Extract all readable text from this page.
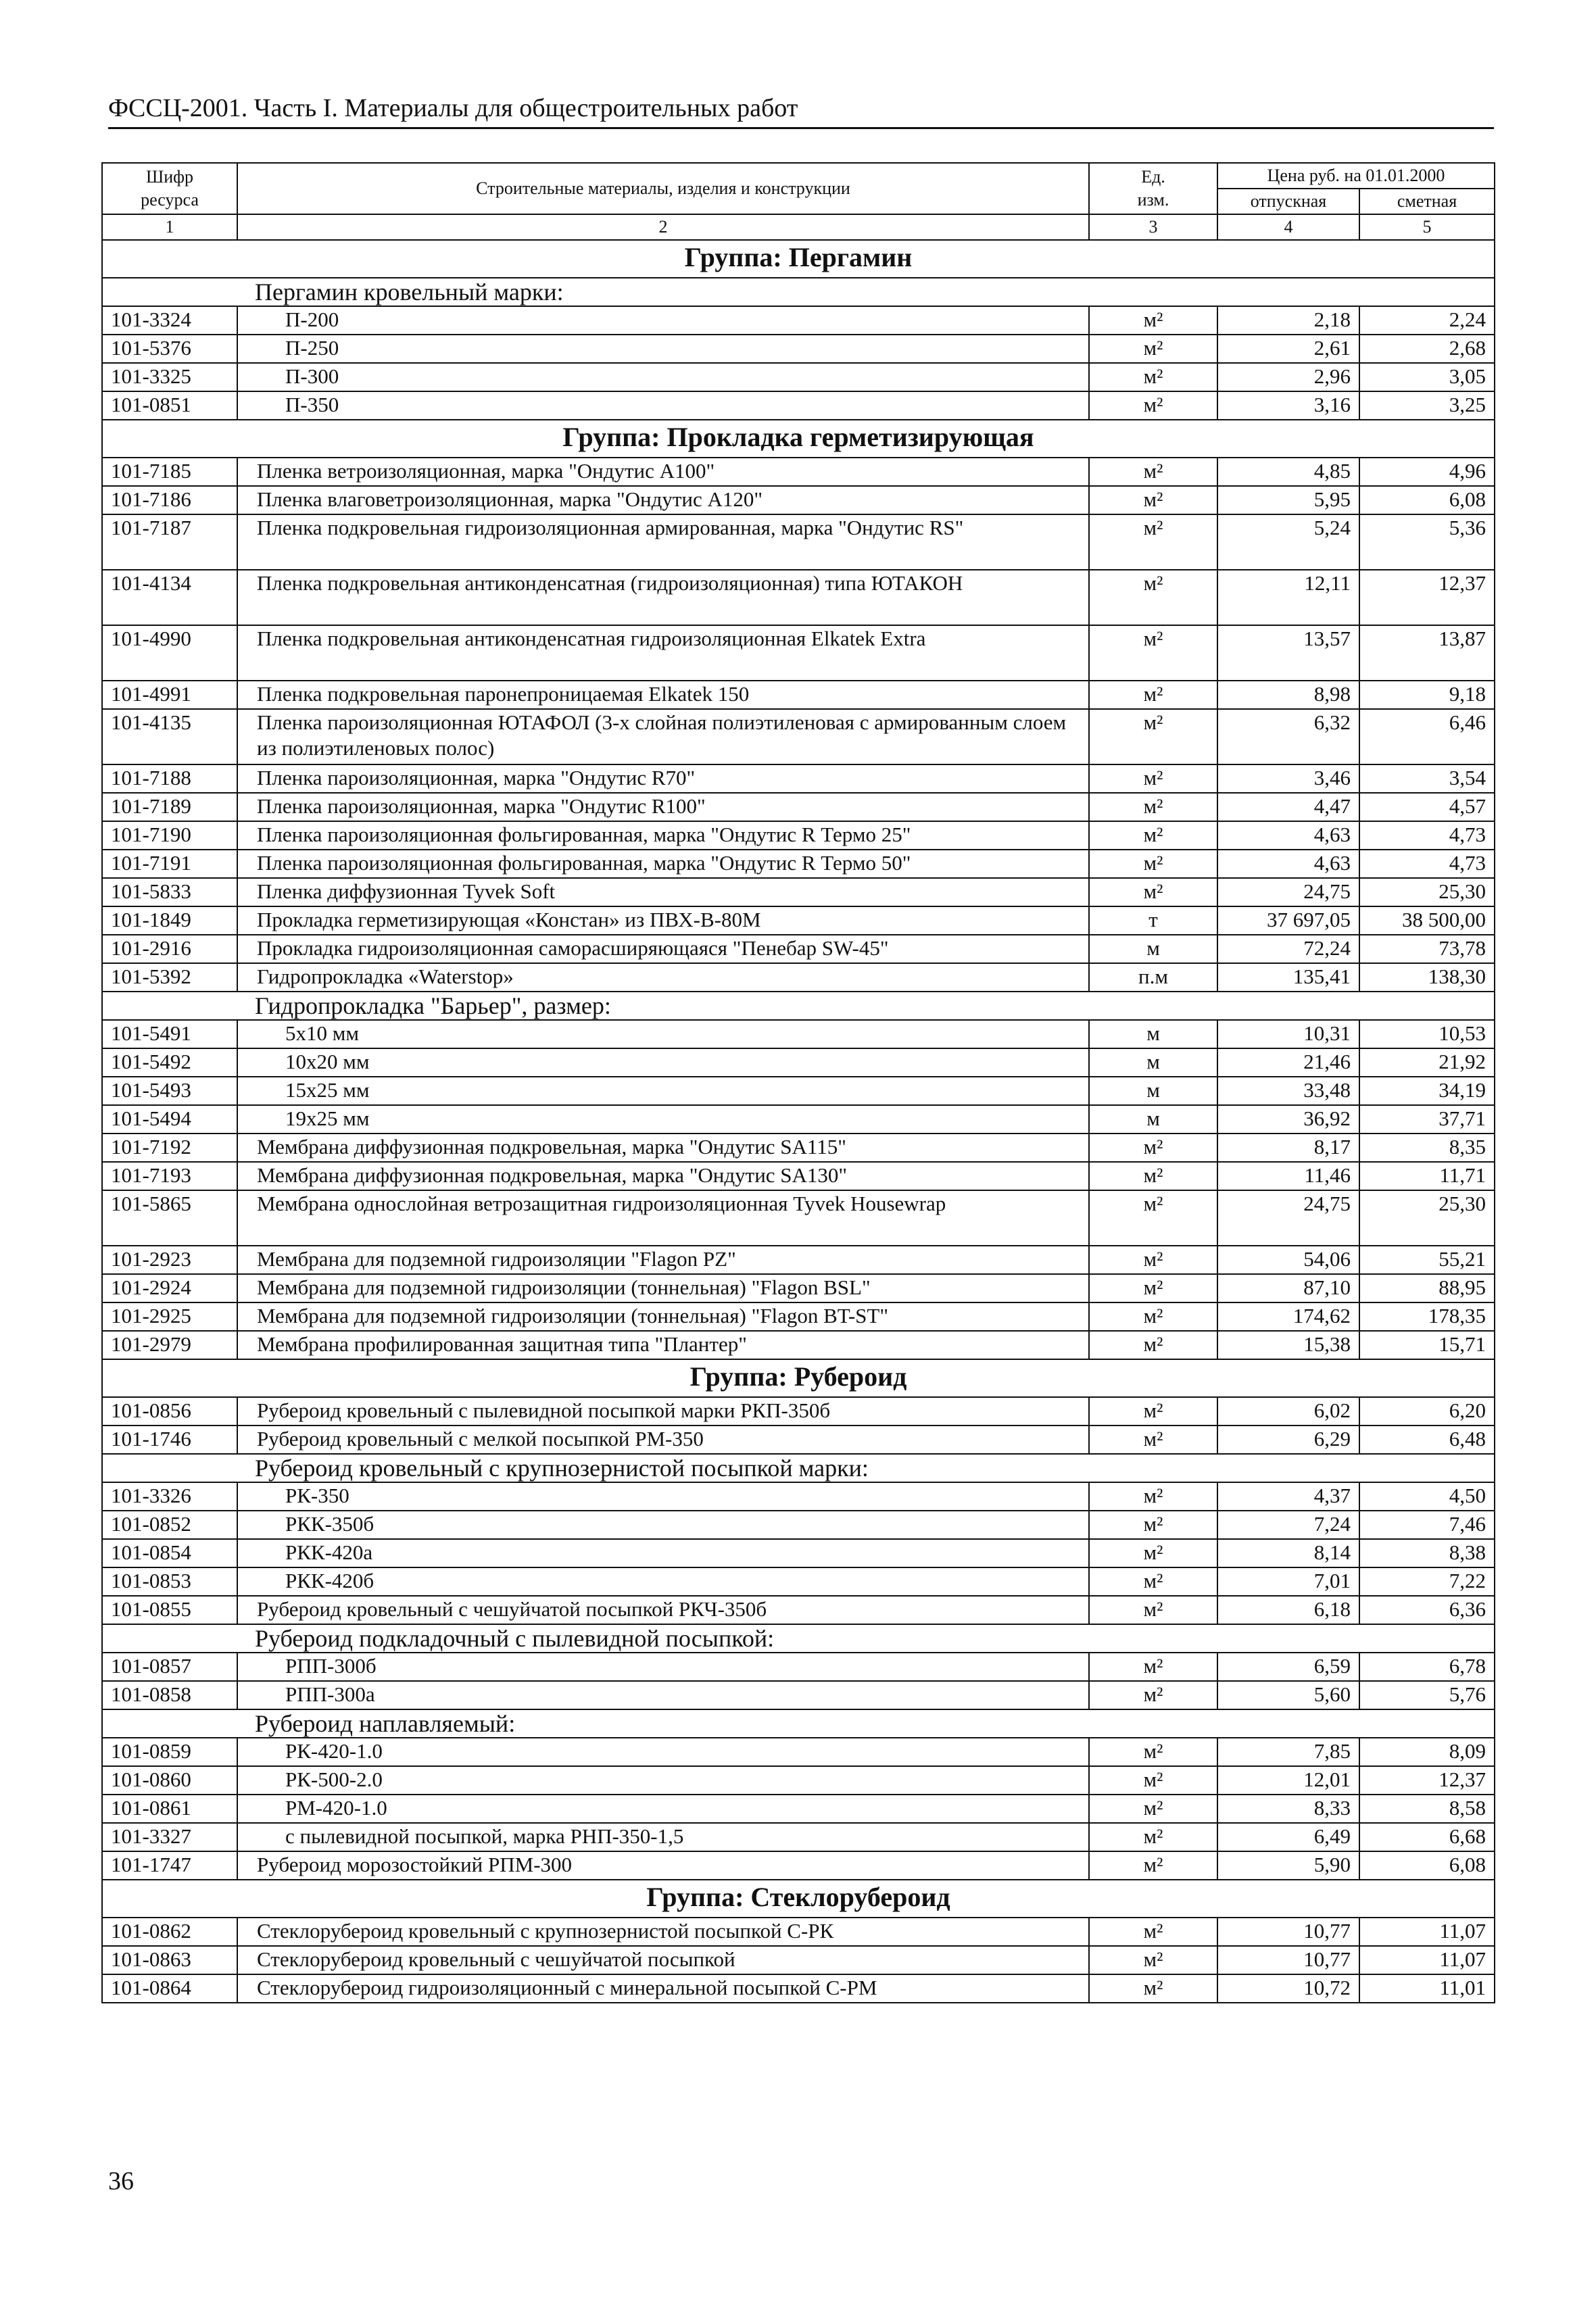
ФССЦ-2001. Часть I. Материалы для общестроительных работ
Шифр
ресурса	Строительные материалы, изделия и конструкции	Ед.
изм.	Цена руб. на 01.01.2000	
			отпускная	сметная
1	2	3	4	5
Группа: Пергамин				
Пергамин кровельный марки:				
101-3324	П-200	м²	2,18	2,24
101-5376	П-250	м²	2,61	2,68
101-3325	П-300	м²	2,96	3,05
101-0851	П-350	м²	3,16	3,25
Группа: Прокладка герметизирующая				
101-7185	Пленка ветроизоляционная, марка "Ондутис А100"	м²	4,85	4,96
101-7186	Пленка влаговетроизоляционная, марка "Ондутис А120"	м²	5,95	6,08
101-7187	Пленка подкровельная гидроизоляционная армированная, марка "Ондутис RS"	м²	5,24	5,36
101-4134	Пленка подкровельная антиконденсатная (гидроизоляционная) типа ЮТАКОН	м²	12,11	12,37
101-4990	Пленка подкровельная антиконденсатная гидроизоляционная Elkatek Extra	м²	13,57	13,87
101-4991	Пленка подкровельная паронепроницаемая Elkatek 150	м²	8,98	9,18
101-4135	Пленка пароизоляционная ЮТАФОЛ (3-х слойная полиэтиленовая с армированным слоем из полиэтиленовых полос)	м²	6,32	6,46
101-7188	Пленка пароизоляционная, марка "Ондутис R70"	м²	3,46	3,54
101-7189	Пленка пароизоляционная, марка "Ондутис R100"	м²	4,47	4,57
101-7190	Пленка пароизоляционная фольгированная, марка "Ондутис R Термо 25"	м²	4,63	4,73
101-7191	Пленка пароизоляционная фольгированная, марка "Ондутис R Термо 50"	м²	4,63	4,73
101-5833	Пленка диффузионная Tyvek Soft	м²	24,75	25,30
101-1849	Прокладка герметизирующая «Констан» из ПВХ-В-80М	т	37 697,05	38 500,00
101-2916	Прокладка гидроизоляционная саморасширяющаяся "Пенебар SW-45"	м	72,24	73,78
101-5392	Гидропрокладка «Waterstop»	п.м	135,41	138,30
Гидропрокладка "Барьер", размер:				
101-5491	5х10 мм	м	10,31	10,53
101-5492	10х20 мм	м	21,46	21,92
101-5493	15х25 мм	м	33,48	34,19
101-5494	19х25 мм	м	36,92	37,71
101-7192	Мембрана диффузионная подкровельная, марка "Ондутис SA115"	м²	8,17	8,35
101-7193	Мембрана диффузионная подкровельная, марка "Ондутис SA130"	м²	11,46	11,71
101-5865	Мембрана однослойная ветрозащитная гидроизоляционная Tyvek Housewrap	м²	24,75	25,30
101-2923	Мембрана для подземной гидроизоляции "Flagon PZ"	м²	54,06	55,21
101-2924	Мембрана для подземной гидроизоляции (тоннельная) "Flagon BSL"	м²	87,10	88,95
101-2925	Мембрана для подземной гидроизоляции (тоннельная) "Flagon BT-ST"	м²	174,62	178,35
101-2979	Мембрана профилированная защитная типа "Плантер"	м²	15,38	15,71
Группа: Рубероид				
101-0856	Рубероид кровельный с пылевидной посыпкой марки РКП-350б	м²	6,02	6,20
101-1746	Рубероид кровельный с мелкой посыпкой РМ-350	м²	6,29	6,48
Рубероид кровельный с крупнозернистой посыпкой марки:				
101-3326	РК-350	м²	4,37	4,50
101-0852	РКК-350б	м²	7,24	7,46
101-0854	РКК-420а	м²	8,14	8,38
101-0853	РКК-420б	м²	7,01	7,22
101-0855	Рубероид кровельный с чешуйчатой посыпкой РКЧ-350б	м²	6,18	6,36
Рубероид подкладочный с пылевидной посыпкой:				
101-0857	РПП-300б	м²	6,59	6,78
101-0858	РПП-300а	м²	5,60	5,76
Рубероид наплавляемый:				
101-0859	РК-420-1.0	м²	7,85	8,09
101-0860	РК-500-2.0	м²	12,01	12,37
101-0861	РМ-420-1.0	м²	8,33	8,58
101-3327	с пылевидной посыпкой, марка РНП-350-1,5	м²	6,49	6,68
101-1747	Рубероид морозостойкий РПМ-300	м²	5,90	6,08
Группа: Стеклорубероид				
101-0862	Стеклорубероид кровельный с крупнозернистой посыпкой С-РК	м²	10,77	11,07
101-0863	Стеклорубероид кровельный с чешуйчатой посыпкой	м²	10,77	11,07
101-0864	Стеклорубероид гидроизоляционный с минеральной посыпкой С-РМ	м²	10,72	11,01
36
